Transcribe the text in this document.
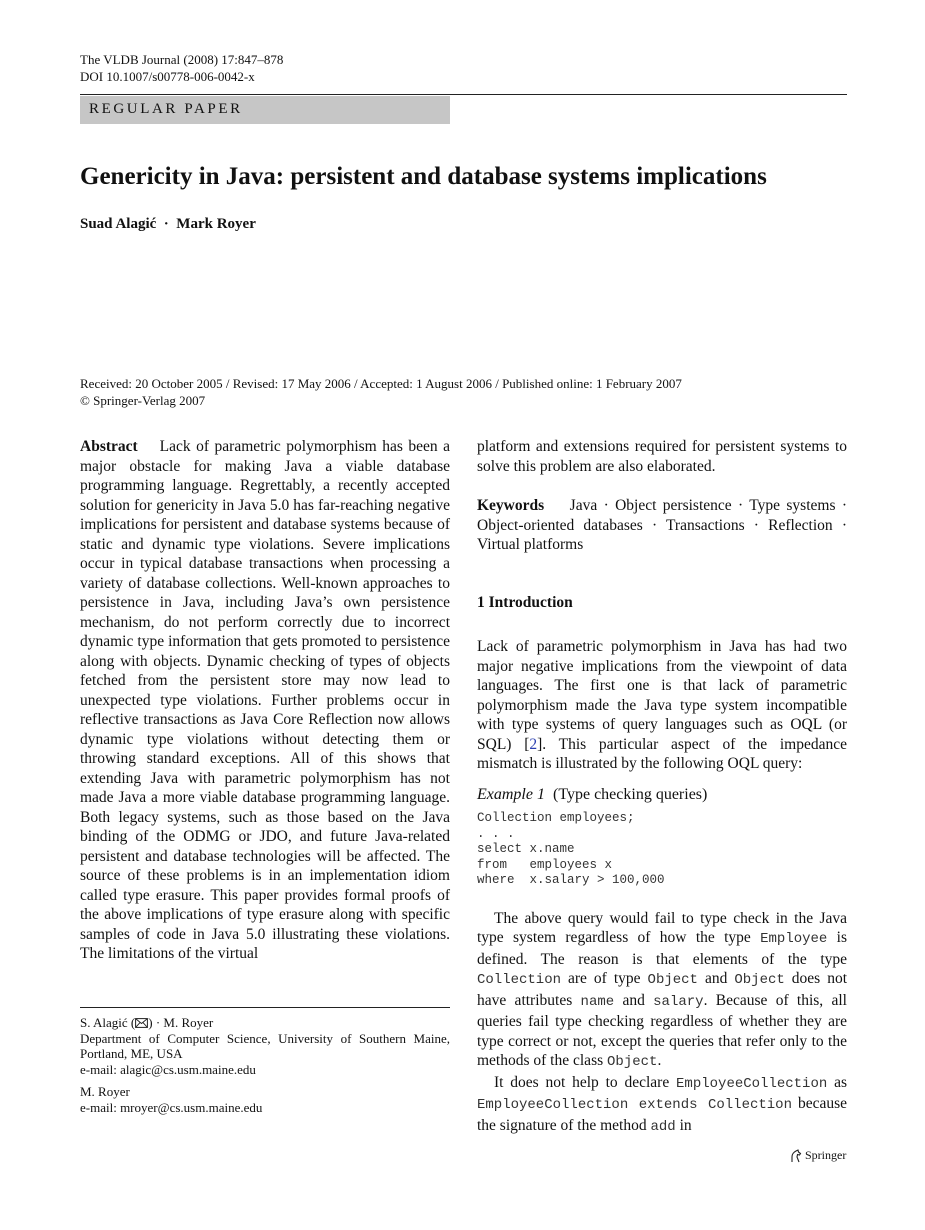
The VLDB Journal (2008) 17:847–878
DOI 10.1007/s00778-006-0042-x
REGULAR PAPER
Genericity in Java: persistent and database systems implications
Suad Alagić · Mark Royer
Received: 20 October 2005 / Revised: 17 May 2006 / Accepted: 1 August 2006 / Published online: 1 February 2007
© Springer-Verlag 2007

Abstract Lack of parametric polymorphism has been a major obstacle for making Java a viable database programming language. Regrettably, a recently accepted solution for genericity in Java 5.0 has far-reaching negative implications for persistent and database systems because of static and dynamic type violations. Severe implications occur in typical database transactions when processing a variety of database collections. Well-known approaches to persistence in Java, including Java’s own persistence mechanism, do not perform correctly due to incorrect dynamic type information that gets promoted to persistence along with objects. Dynamic checking of types of objects fetched from the persistent store may now lead to unexpected type violations. Further problems occur in reflective transactions as Java Core Reflection now allows dynamic type violations without detecting them or throwing standard exceptions. All of this shows that extending Java with parametric polymorphism has not made Java a more viable database programming language. Both legacy systems, such as those based on the Java binding of the ODMG or JDO, and future Java-related persistent and database technologies will be affected. The source of these problems is in an implementation idiom called type erasure. This paper provides formal proofs of the above implications of type erasure along with specific samples of code in Java 5.0 illustrating these violations. The limitations of the virtual

platform and extensions required for persistent systems to solve this problem are also elaborated.

Keywords Java · Object persistence · Type systems · Object-oriented databases · Transactions · Reflection · Virtual platforms

1 Introduction

Lack of parametric polymorphism in Java has had two major negative implications from the viewpoint of data languages. The first one is that lack of parametric polymorphism made the Java type system incompatible with type systems of query languages such as OQL (or SQL) [2]. This particular aspect of the impedance mismatch is illustrated by the following OQL query:

Example 1 (Type checking queries)

Collection employees;
. . .
select x.name
from   employees x
where  x.salary > 100,000

The above query would fail to type check in the Java type system regardless of how the type Employee is defined. The reason is that elements of the type Collection are of type Object and Object does not have attributes name and salary. Because of this, all queries fail type checking regardless of whether they are type correct or not, except the queries that refer only to the methods of the class Object.

It does not help to declare EmployeeCollection as EmployeeCollection extends Collection because the signature of the method add in

S. Alagić ( ) · M. Royer

Department of Computer Science, University of Southern Maine, Portland, ME, USA

e-mail: alagic@cs.usm.maine.edu

M. Royer

e-mail: mroyer@cs.usm.maine.edu

Springer
